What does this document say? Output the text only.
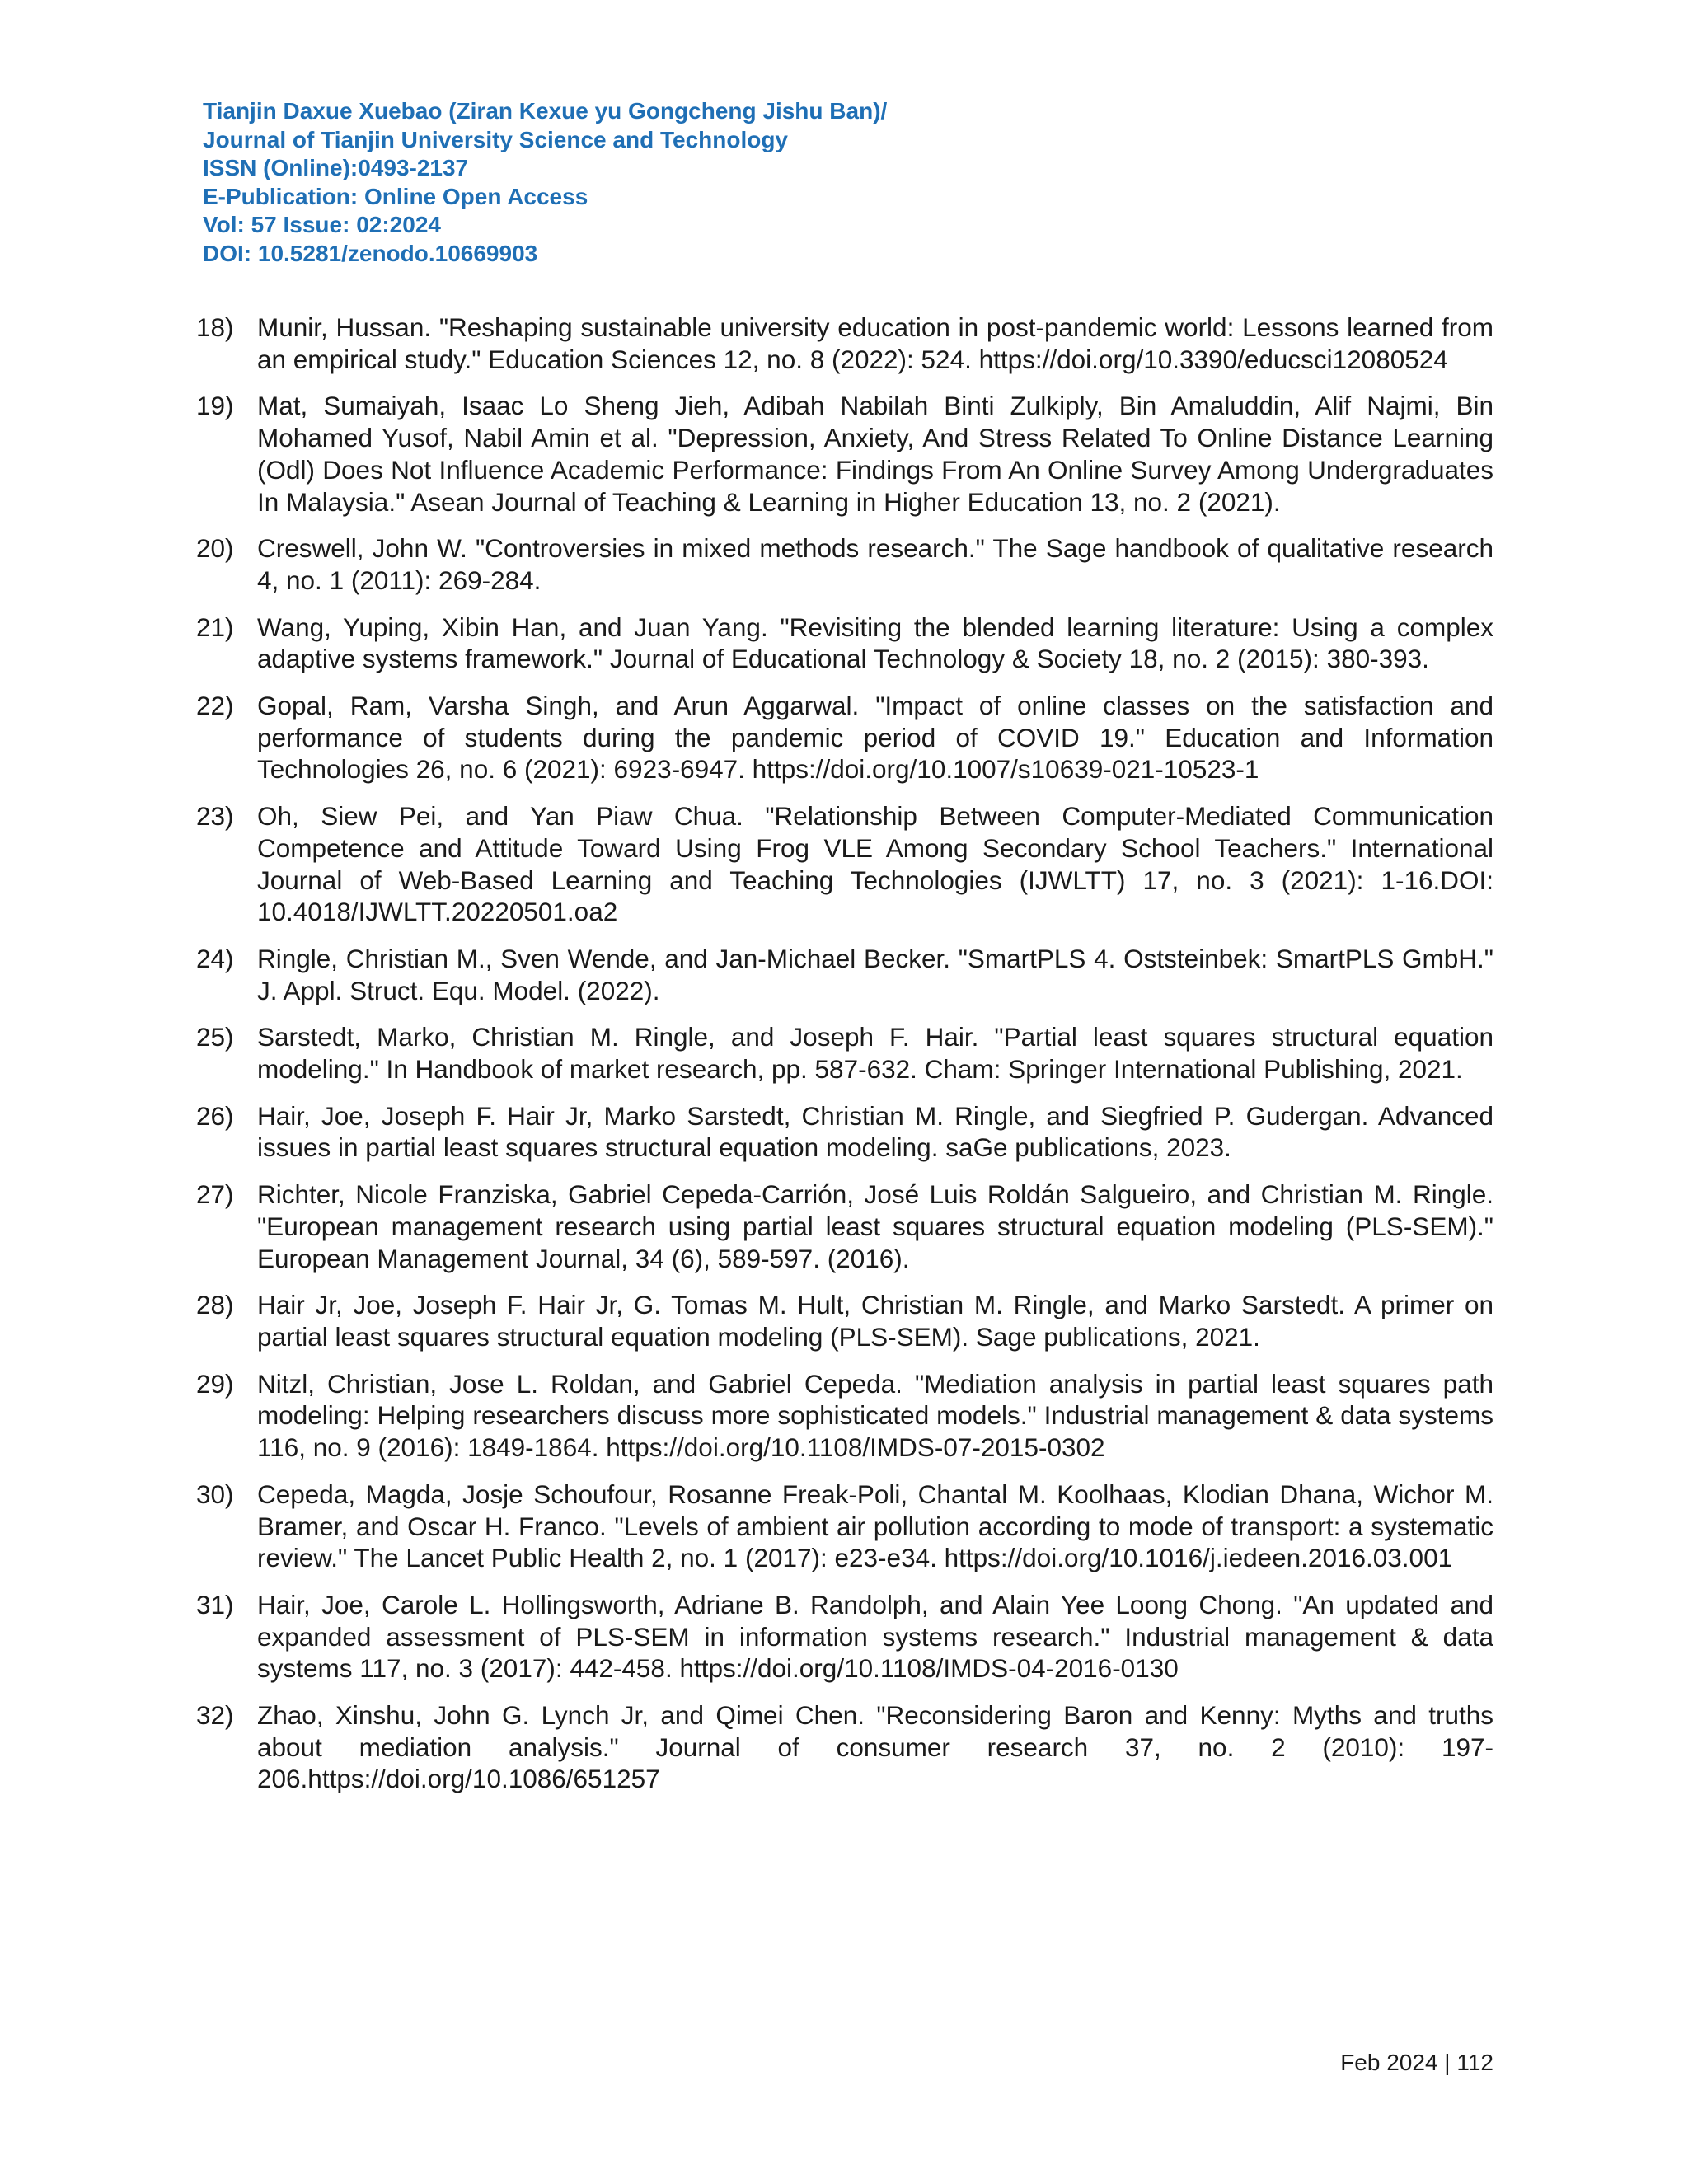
Tianjin Daxue Xuebao (Ziran Kexue yu Gongcheng Jishu Ban)/
Journal of Tianjin University Science and Technology
ISSN (Online):0493-2137
E-Publication: Online Open Access
Vol: 57 Issue: 02:2024
DOI: 10.5281/zenodo.10669903
18) Munir, Hussan. "Reshaping sustainable university education in post-pandemic world: Lessons learned from an empirical study." Education Sciences 12, no. 8 (2022): 524. https://doi.org/10.3390/educsci12080524
19) Mat, Sumaiyah, Isaac Lo Sheng Jieh, Adibah Nabilah Binti Zulkiply, Bin Amaluddin, Alif Najmi, Bin Mohamed Yusof, Nabil Amin et al. "Depression, Anxiety, And Stress Related To Online Distance Learning (Odl) Does Not Influence Academic Performance: Findings From An Online Survey Among Undergraduates In Malaysia." Asean Journal of Teaching & Learning in Higher Education 13, no. 2 (2021).
20) Creswell, John W. "Controversies in mixed methods research." The Sage handbook of qualitative research 4, no. 1 (2011): 269-284.
21) Wang, Yuping, Xibin Han, and Juan Yang. "Revisiting the blended learning literature: Using a complex adaptive systems framework." Journal of Educational Technology & Society 18, no. 2 (2015): 380-393.
22) Gopal, Ram, Varsha Singh, and Arun Aggarwal. "Impact of online classes on the satisfaction and performance of students during the pandemic period of COVID 19." Education and Information Technologies 26, no. 6 (2021): 6923-6947. https://doi.org/10.1007/s10639-021-10523-1
23) Oh, Siew Pei, and Yan Piaw Chua. "Relationship Between Computer-Mediated Communication Competence and Attitude Toward Using Frog VLE Among Secondary School Teachers." International Journal of Web-Based Learning and Teaching Technologies (IJWLTT) 17, no. 3 (2021): 1-16.DOI: 10.4018/IJWLTT.20220501.oa2
24) Ringle, Christian M., Sven Wende, and Jan-Michael Becker. "SmartPLS 4. Oststeinbek: SmartPLS GmbH." J. Appl. Struct. Equ. Model. (2022).
25) Sarstedt, Marko, Christian M. Ringle, and Joseph F. Hair. "Partial least squares structural equation modeling." In Handbook of market research, pp. 587-632. Cham: Springer International Publishing, 2021.
26) Hair, Joe, Joseph F. Hair Jr, Marko Sarstedt, Christian M. Ringle, and Siegfried P. Gudergan. Advanced issues in partial least squares structural equation modeling. saGe publications, 2023.
27) Richter, Nicole Franziska, Gabriel Cepeda-Carrión, José Luis Roldán Salgueiro, and Christian M. Ringle. "European management research using partial least squares structural equation modeling (PLS-SEM)." European Management Journal, 34 (6), 589-597. (2016).
28) Hair Jr, Joe, Joseph F. Hair Jr, G. Tomas M. Hult, Christian M. Ringle, and Marko Sarstedt. A primer on partial least squares structural equation modeling (PLS-SEM). Sage publications, 2021.
29) Nitzl, Christian, Jose L. Roldan, and Gabriel Cepeda. "Mediation analysis in partial least squares path modeling: Helping researchers discuss more sophisticated models." Industrial management & data systems 116, no. 9 (2016): 1849-1864. https://doi.org/10.1108/IMDS-07-2015-0302
30) Cepeda, Magda, Josje Schoufour, Rosanne Freak-Poli, Chantal M. Koolhaas, Klodian Dhana, Wichor M. Bramer, and Oscar H. Franco. "Levels of ambient air pollution according to mode of transport: a systematic review." The Lancet Public Health 2, no. 1 (2017): e23-e34. https://doi.org/10.1016/j.iedeen.2016.03.001
31) Hair, Joe, Carole L. Hollingsworth, Adriane B. Randolph, and Alain Yee Loong Chong. "An updated and expanded assessment of PLS-SEM in information systems research." Industrial management & data systems 117, no. 3 (2017): 442-458. https://doi.org/10.1108/IMDS-04-2016-0130
32) Zhao, Xinshu, John G. Lynch Jr, and Qimei Chen. "Reconsidering Baron and Kenny: Myths and truths about mediation analysis." Journal of consumer research 37, no. 2 (2010): 197-206.https://doi.org/10.1086/651257
Feb 2024 | 112
